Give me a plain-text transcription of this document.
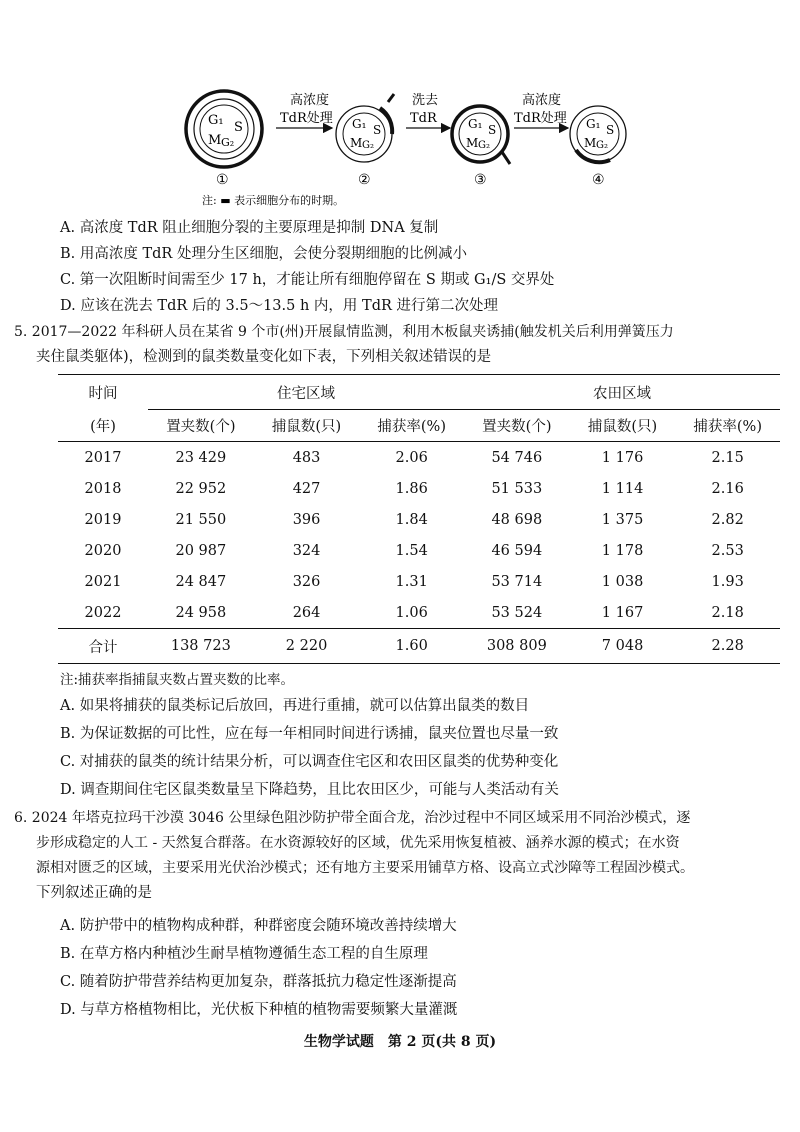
G₁ S
M G₂
高浓度
TdR处理 G₁ S
M G₂
洗去
TdR	G₁ S
M G₂
高浓度
TdR处理 G₁ S
M G₂
①	②	③	④
注: ▬ 表示细胞分布的时期。
A. 高浓度 TdR 阻止细胞分裂的主要原理是抑制 DNA 复制
B. 用高浓度 TdR 处理分生区细胞，会使分裂期细胞的比例减小
C. 第一次阻断时间需至少 17 h，才能让所有细胞停留在 S 期或 G₁/S 交界处
D. 应该在洗去 TdR 后的 3.5～13.5 h 内，用 TdR 进行第二次处理
5. 2017—2022 年科研人员在某省 9 个市(州)开展鼠情监测，利用木板鼠夹诱捕(触发机关后利用弹簧压力
夹住鼠类躯体)，检测到的鼠类数量变化如下表，下列相关叙述错误的是
时间	住宅区域			农田区域		
(年)	置夹数(个)	捕鼠数(只)	捕获率(%)	置夹数(个)	捕鼠数(只)	捕获率(%)
2017	23 429	483	2.06	54 746	1 176	2.15
2018	22 952	427	1.86	51 533	1 114	2.16
2019	21 550	396	1.84	48 698	1 375	2.82
2020	20 987	324	1.54	46 594	1 178	2.53
2021	24 847	326	1.31	53 714	1 038	1.93
2022	24 958	264	1.06	53 524	1 167	2.18
合计	138 723	2 220	1.60	308 809	7 048	2.28
注:捕获率指捕鼠夹数占置夹数的比率。
A. 如果将捕获的鼠类标记后放回，再进行重捕，就可以估算出鼠类的数目
B. 为保证数据的可比性，应在每一年相同时间进行诱捕，鼠夹位置也尽量一致
C. 对捕获的鼠类的统计结果分析，可以调查住宅区和农田区鼠类的优势种变化
D. 调查期间住宅区鼠类数量呈下降趋势，且比农田区少，可能与人类活动有关
6. 2024 年塔克拉玛干沙漠 3046 公里绿色阻沙防护带全面合龙，治沙过程中不同区域采用不同治沙模式，逐
步形成稳定的人工 - 天然复合群落。在水资源较好的区域，优先采用恢复植被、涵养水源的模式；在水资
源相对匮乏的区域，主要采用光伏治沙模式；还有地方主要采用铺草方格、设高立式沙障等工程固沙模式。
下列叙述正确的是
A. 防护带中的植物构成种群，种群密度会随环境改善持续增大
B. 在草方格内种植沙生耐旱植物遵循生态工程的自生原理
C. 随着防护带营养结构更加复杂，群落抵抗力稳定性逐渐提高
D. 与草方格植物相比，光伏板下种植的植物需要频繁大量灌溉
生物学试题　第 2 页(共 8 页)
